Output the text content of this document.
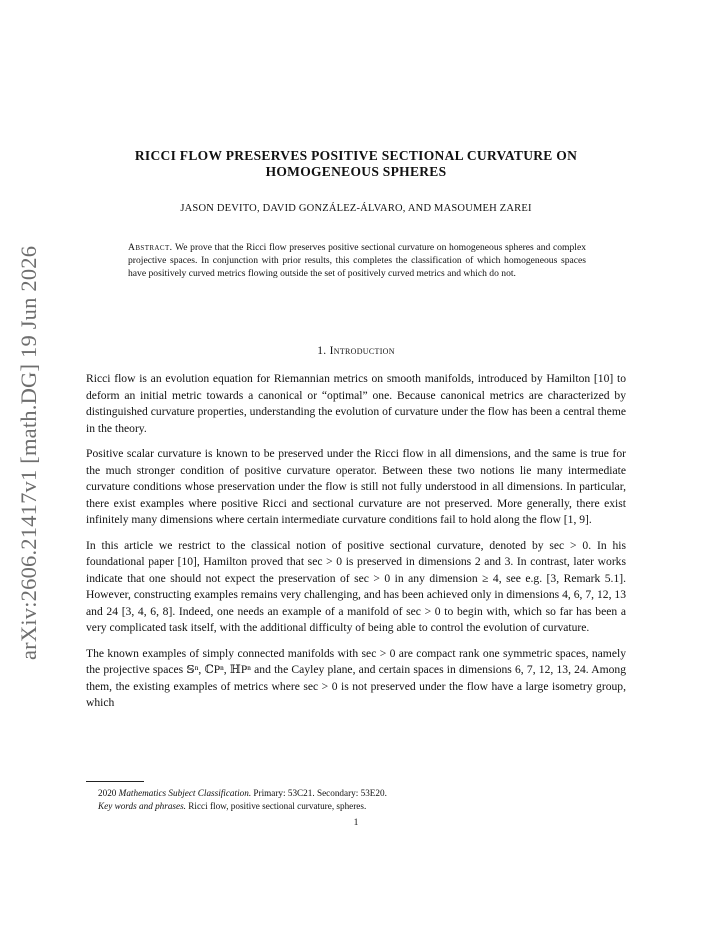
arXiv:2606.21417v1 [math.DG] 19 Jun 2026
RICCI FLOW PRESERVES POSITIVE SECTIONAL CURVATURE ON
HOMOGENEOUS SPHERES
JASON DEVITO, DAVID GONZÁLEZ-ÁLVARO, AND MASOUMEH ZAREI
Abstract. We prove that the Ricci flow preserves positive sectional curvature on homogeneous spheres and complex projective spaces. In conjunction with prior results, this completes the classification of which homogeneous spaces have positively curved metrics flowing outside the set of positively curved metrics and which do not.
1. Introduction

Ricci flow is an evolution equation for Riemannian metrics on smooth manifolds, introduced by Hamilton [10] to deform an initial metric towards a canonical or “optimal” one. Because canonical metrics are characterized by distinguished curvature properties, understanding the evolution of curvature under the flow has been a central theme in the theory.

Positive scalar curvature is known to be preserved under the Ricci flow in all dimensions, and the same is true for the much stronger condition of positive curvature operator. Between these two notions lie many intermediate curvature conditions whose preservation under the flow is still not fully understood in all dimensions. In particular, there exist examples where positive Ricci and sectional curvature are not preserved. More generally, there exist infinitely many dimensions where certain intermediate curvature conditions fail to hold along the flow [1, 9].

In this article we restrict to the classical notion of positive sectional curvature, denoted by sec > 0. In his foundational paper [10], Hamilton proved that sec > 0 is preserved in dimensions 2 and 3. In contrast, later works indicate that one should not expect the preservation of sec > 0 in any dimension ≥ 4, see e.g. [3, Remark 5.1]. However, constructing examples remains very challenging, and has been achieved only in dimensions 4, 6, 7, 12, 13 and 24 [3, 4, 6, 8]. Indeed, one needs an example of a manifold of sec > 0 to begin with, which so far has been a very complicated task itself, with the additional difficulty of being able to control the evolution of curvature.

The known examples of simply connected manifolds with sec > 0 are compact rank one symmetric spaces, namely the projective spaces 𝕊ⁿ, ℂPⁿ, ℍPⁿ and the Cayley plane, and certain spaces in dimensions 6, 7, 12, 13, 24. Among them, the existing examples of metrics where sec > 0 is not preserved under the flow have a large isometry group, which

2020 Mathematics Subject Classification. Primary: 53C21. Secondary: 53E20.
Key words and phrases. Ricci flow, positive sectional curvature, spheres.
1
